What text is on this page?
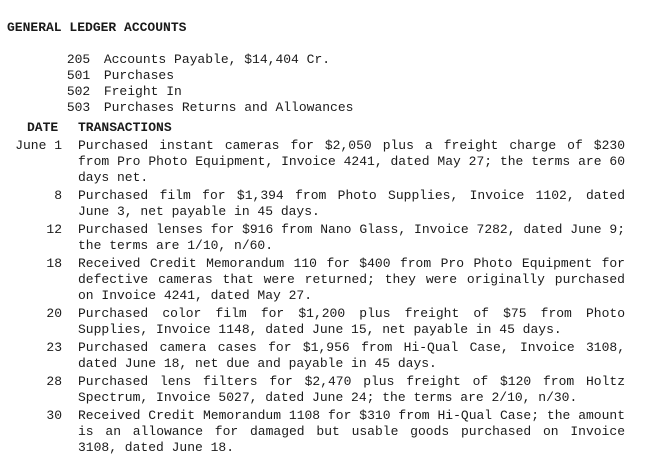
GENERAL LEDGER ACCOUNTS

205 Accounts Payable, $14,404 Cr.

501 Purchases

502 Freight In

503 Purchases Returns and Allowances

DATE TRANSACTIONS
June 1 Purchased instant cameras for $2,050 plus a freight charge of $230 from Pro Photo Equipment, Invoice 4241, dated May 27; the terms are 60 days net.
8 Purchased film for $1,394 from Photo Supplies, Invoice 1102, dated June 3, net payable in 45 days.
12 Purchased lenses for $916 from Nano Glass, Invoice 7282, dated June 9; the terms are 1/10, n/60.
18 Received Credit Memorandum 110 for $400 from Pro Photo Equipment for defective cameras that were returned; they were originally purchased on Invoice 4241, dated May 27.
20 Purchased color film for $1,200 plus freight of $75 from Photo Supplies, Invoice 1148, dated June 15, net payable in 45 days.
23 Purchased camera cases for $1,956 from Hi-Qual Case, Invoice 3108, dated June 18, net due and payable in 45 days.
28 Purchased lens filters for $2,470 plus freight of $120 from Holtz Spectrum, Invoice 5027, dated June 24; the terms are 2/10, n/30.
30 Received Credit Memorandum 1108 for $310 from Hi-Qual Case; the amount is an allowance for damaged but usable goods purchased on Invoice 3108, dated June 18.
